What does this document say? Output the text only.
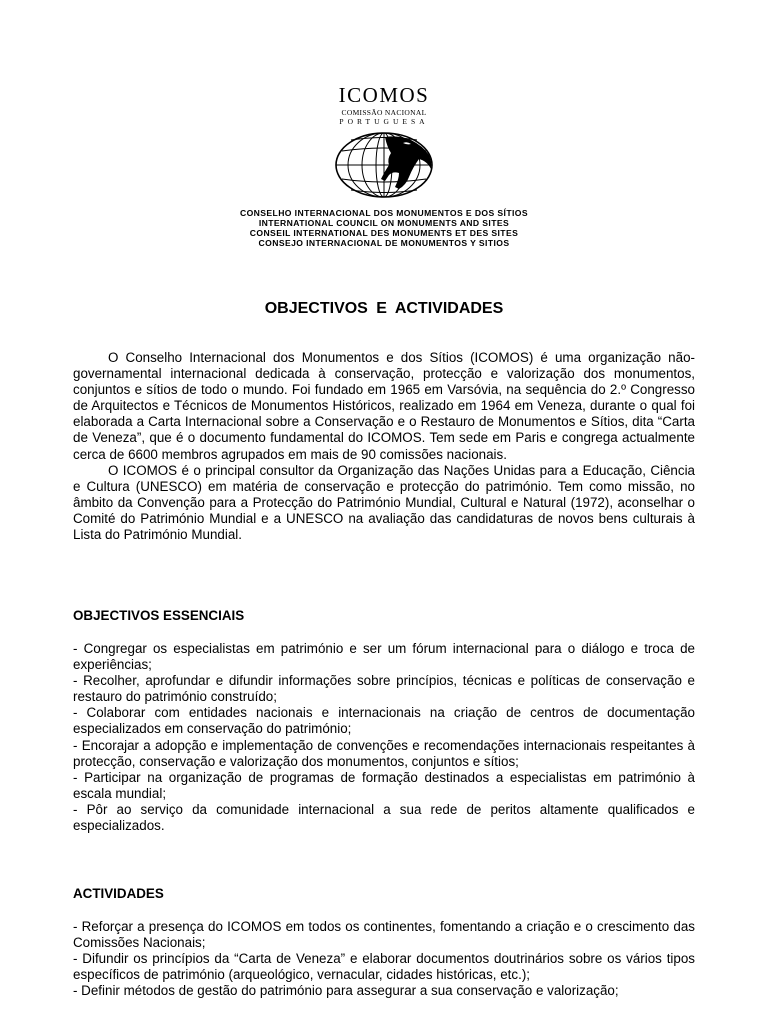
ICOMOS
COMISSÃO NACIONAL
PORTUGUESA
CONSELHO INTERNACIONAL DOS MONUMENTOS E DOS SÍTIOS
INTERNATIONAL COUNCIL ON MONUMENTS AND SITES
CONSEIL INTERNATIONAL DES MONUMENTS ET DES SITES
CONSEJO INTERNACIONAL DE MONUMENTOS Y SITIOS
OBJECTIVOS E ACTIVIDADES

O Conselho Internacional dos Monumentos e dos Sítios (ICOMOS) é uma organização não-governamental internacional dedicada à conservação, protecção e valorização dos monumentos, conjuntos e sítios de todo o mundo. Foi fundado em 1965 em Varsóvia, na sequência do 2.º Congresso de Arquitectos e Técnicos de Monumentos Históricos, realizado em 1964 em Veneza, durante o qual foi elaborada a Carta Internacional sobre a Conservação e o Restauro de Monumentos e Sítios, dita “Carta de Veneza”, que é o documento fundamental do ICOMOS. Tem sede em Paris e congrega actualmente cerca de 6600 membros agrupados em mais de 90 comissões nacionais.

O ICOMOS é o principal consultor da Organização das Nações Unidas para a Educação, Ciência e Cultura (UNESCO) em matéria de conservação e protecção do património. Tem como missão, no âmbito da Convenção para a Protecção do Património Mundial, Cultural e Natural (1972), aconselhar o Comité do Património Mundial e a UNESCO na avaliação das candidaturas de novos bens culturais à Lista do Património Mundial.

OBJECTIVOS ESSENCIAIS
- Congregar os especialistas em património e ser um fórum internacional para o diálogo e troca de experiências;
- Recolher, aprofundar e difundir informações sobre princípios, técnicas e políticas de conservação e restauro do património construído;
- Colaborar com entidades nacionais e internacionais na criação de centros de documentação especializados em conservação do património;
- Encorajar a adopção e implementação de convenções e recomendações internacionais respeitantes à protecção, conservação e valorização dos monumentos, conjuntos e sítios;
- Participar na organização de programas de formação destinados a especialistas em património à escala mundial;
- Pôr ao serviço da comunidade internacional a sua rede de peritos altamente qualificados e especializados.
ACTIVIDADES
- Reforçar a presença do ICOMOS em todos os continentes, fomentando a criação e o crescimento das Comissões Nacionais;
- Difundir os princípios da “Carta de Veneza” e elaborar documentos doutrinários sobre os vários tipos específicos de património (arqueológico, vernacular, cidades históricas, etc.);
- Definir métodos de gestão do património para assegurar a sua conservação e valorização;
